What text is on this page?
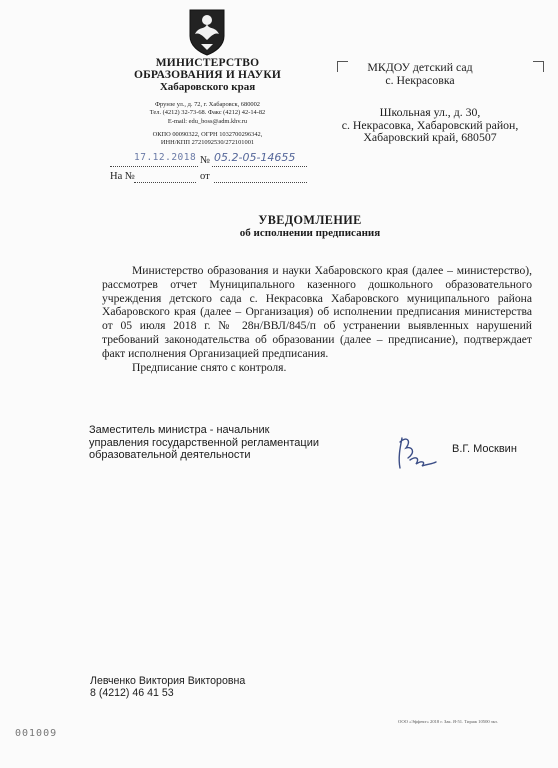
МИНИСТЕРСТВО
ОБРАЗОВАНИЯ И НАУКИ
Хабаровского края
Фрунзе ул., д. 72, г. Хабаровск, 680002
Тел. (4212) 32-73-68. Факс (4212) 42-14-82
E-mail: edu_boss@adm.khv.ru
ОКПО 00090322, ОГРН 1032700296342,
ИНН/КПП 2721092530/272101001
17.12.2018 № 05.2-05-14655
На №	от
МКДОУ детский сад
с. Некрасовка
Школьная ул., д. 30,
с. Некрасовка, Хабаровский район,
Хабаровский край, 680507
УВЕДОМЛЕНИЕ
об исполнении предписания

Министерство образования и науки Хабаровского края (далее – министерство), рассмотрев отчет Муниципального казенного дошкольного образовательного учреждения детского сада с. Некрасовка Хабаровского муниципального района Хабаровского края (далее – Организация) об исполнении предписания министерства от 05 июля 2018 г. № 28н/ВВЛ/845/п об устранении выявленных нарушений требований законодательства об образовании (далее – предписание), подтверждает факт исполнения Организацией предписания.

Предписание снято с контроля.

Заместитель министра - начальник
управления государственной регламентации
образовательной деятельности
В.Г. Москвин
Левченко Виктория Викторовна
8 (4212) 46 41 53
001009
ООО «Эффект» 2018 г. Зак. Я-51. Тираж 10500 экз.
